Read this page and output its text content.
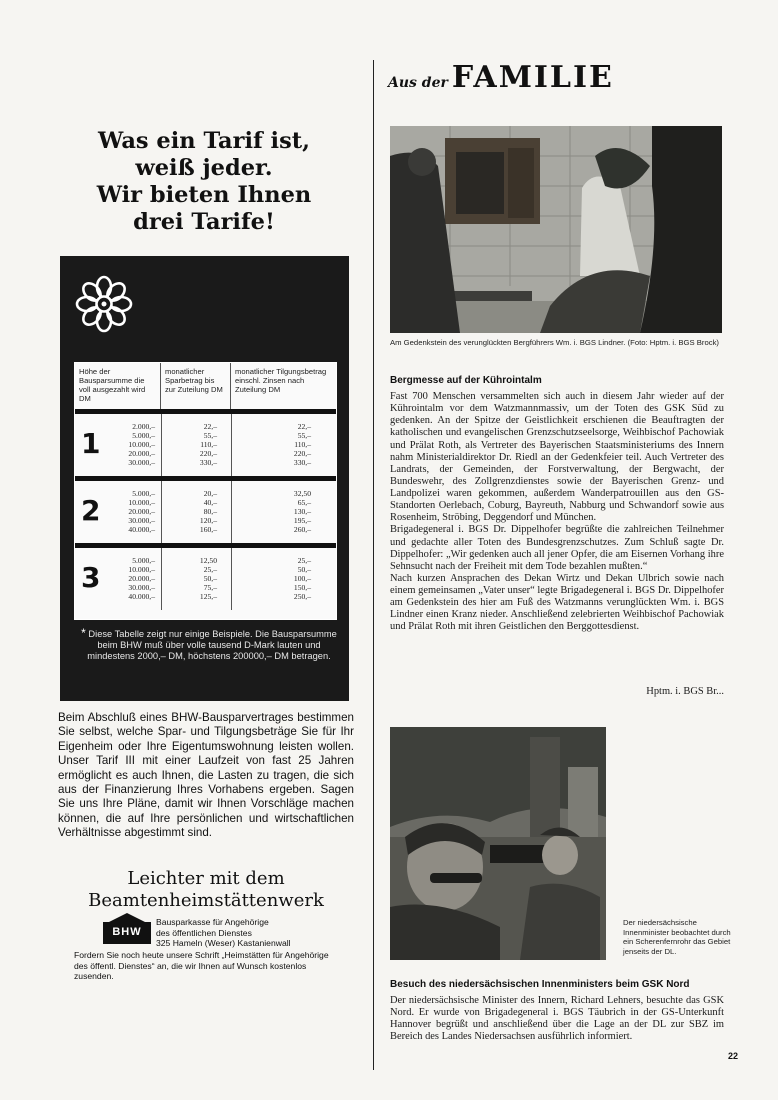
Was ein Tarif ist,
weiß jeder.
Wir bieten Ihnen
drei Tarife!
Höhe der Bausparsumme die voll ausgezahlt wird DM
monatlicher Sparbetrag bis zur Zuteilung DM
monatlicher Tilgungsbetrag einschl. Zinsen nach Zuteilung DM
1
2.000,–
5.000,–
10.000,–
20.000,–
30.000,–
22,–
55,–
110,–
220,–
330,–
22,–
55,–
110,–
220,–
330,–
2
5.000,–
10.000,–
20.000,–
30.000,–
40.000,–
20,–
40,–
80,–
120,–
160,–
32,50
65,–
130,–
195,–
260,–
3
5.000,–
10.000,–
20.000,–
30.000,–
40.000,–
12,50
25,–
50,–
75,–
125,–
25,–
50,–
100,–
150,–
250,–
* Diese Tabelle zeigt nur einige Beispiele. Die Bausparsumme beim BHW muß über volle tausend D-Mark lauten und mindestens 2000,– DM, höchstens 200000,– DM betragen.
Beim Abschluß eines BHW-Bausparvertrages bestimmen Sie selbst, welche Spar- und Tilgungsbeträge Sie für Ihr Eigenheim oder Ihre Eigentumswohnung leisten wollen. Unser Tarif III mit einer Laufzeit von fast 25 Jahren ermöglicht es auch Ihnen, die Lasten zu tragen, die sich aus der Finanzierung Ihres Vorhabens ergeben. Sagen Sie uns Ihre Pläne, damit wir Ihnen Vorschläge machen können, die auf Ihre persönlichen und wirtschaftlichen Verhältnisse abgestimmt sind.
Leichter mit dem
Beamtenheimstättenwerk
BHW
Bausparkasse für Angehörige
des öffentlichen Dienstes
325 Hameln (Weser) Kastanienwall
Fordern Sie noch heute unsere Schrift „Heimstätten für Angehörige des öffentl. Dienstes“ an, die wir Ihnen auf Wunsch kostenlos zusenden.
Aus der FAMILIE
Am Gedenkstein des verunglückten Bergführers Wm. i. BGS Lindner. (Foto: Hptm. i. BGS Brock)
Bergmesse auf der Kührointalm

Fast 700 Menschen versammelten sich auch in diesem Jahr wieder auf der Kührointalm vor dem Watzmannmassiv, um der Toten des GSK Süd zu gedenken. An der Spitze der Geistlichkeit erschienen die Beauftragten der katholischen und evangelischen Grenzschutzseelsorge, Weihbischof Pachowiak und Prälat Roth, als Vertreter des Bayerischen Staatsministeriums des Innern nahm Ministerialdirektor Dr. Riedl an der Gedenkfeier teil. Auch Vertreter des Landrats, der Gemeinden, der Forstverwaltung, der Bergwacht, der Bundeswehr, des Zollgrenzdienstes sowie der Bayerischen Grenz- und Landpolizei waren gekommen, außerdem Wanderpatrouillen aus den GS-Standorten Oerlebach, Coburg, Bayreuth, Nabburg und Schwandorf sowie aus Rosenheim, Ströbing, Deggendorf und München.

Brigadegeneral i. BGS Dr. Dippelhofer begrüßte die zahlreichen Teilnehmer und gedachte aller Toten des Bundesgrenzschutzes. Zum Schluß sagte Dr. Dippelhofer: „Wir gedenken auch all jener Opfer, die am Eisernen Vorhang ihre Sehnsucht nach der Freiheit mit dem Tode bezahlen mußten.“

Nach kurzen Ansprachen des Dekan Wirtz und Dekan Ulbrich sowie nach einem gemeinsamen „Vater unser“ legte Brigadegeneral i. BGS Dr. Dippelhofer am Gedenkstein des hier am Fuß des Watzmanns verunglückten Wm. i. BGS Lindner einen Kranz nieder. Anschließend zelebrierten Weihbischof Pachowiak und Prälat Roth mit ihren Geistlichen den Berggottesdienst.

Hptm. i. BGS Br...
Der niedersächsische Innenminister beobachtet durch ein Scherenfernrohr das Gebiet jenseits der DL.
Besuch des niedersächsischen Innenministers beim GSK Nord

Der niedersächsische Minister des Innern, Richard Lehners, besuchte das GSK Nord. Er wurde von Brigadegeneral i. BGS Täubrich in der GS-Unterkunft Hannover begrüßt und anschließend über die Lage an der DL zur SBZ im Bereich des Landes Niedersachsen ausführlich informiert.

22
